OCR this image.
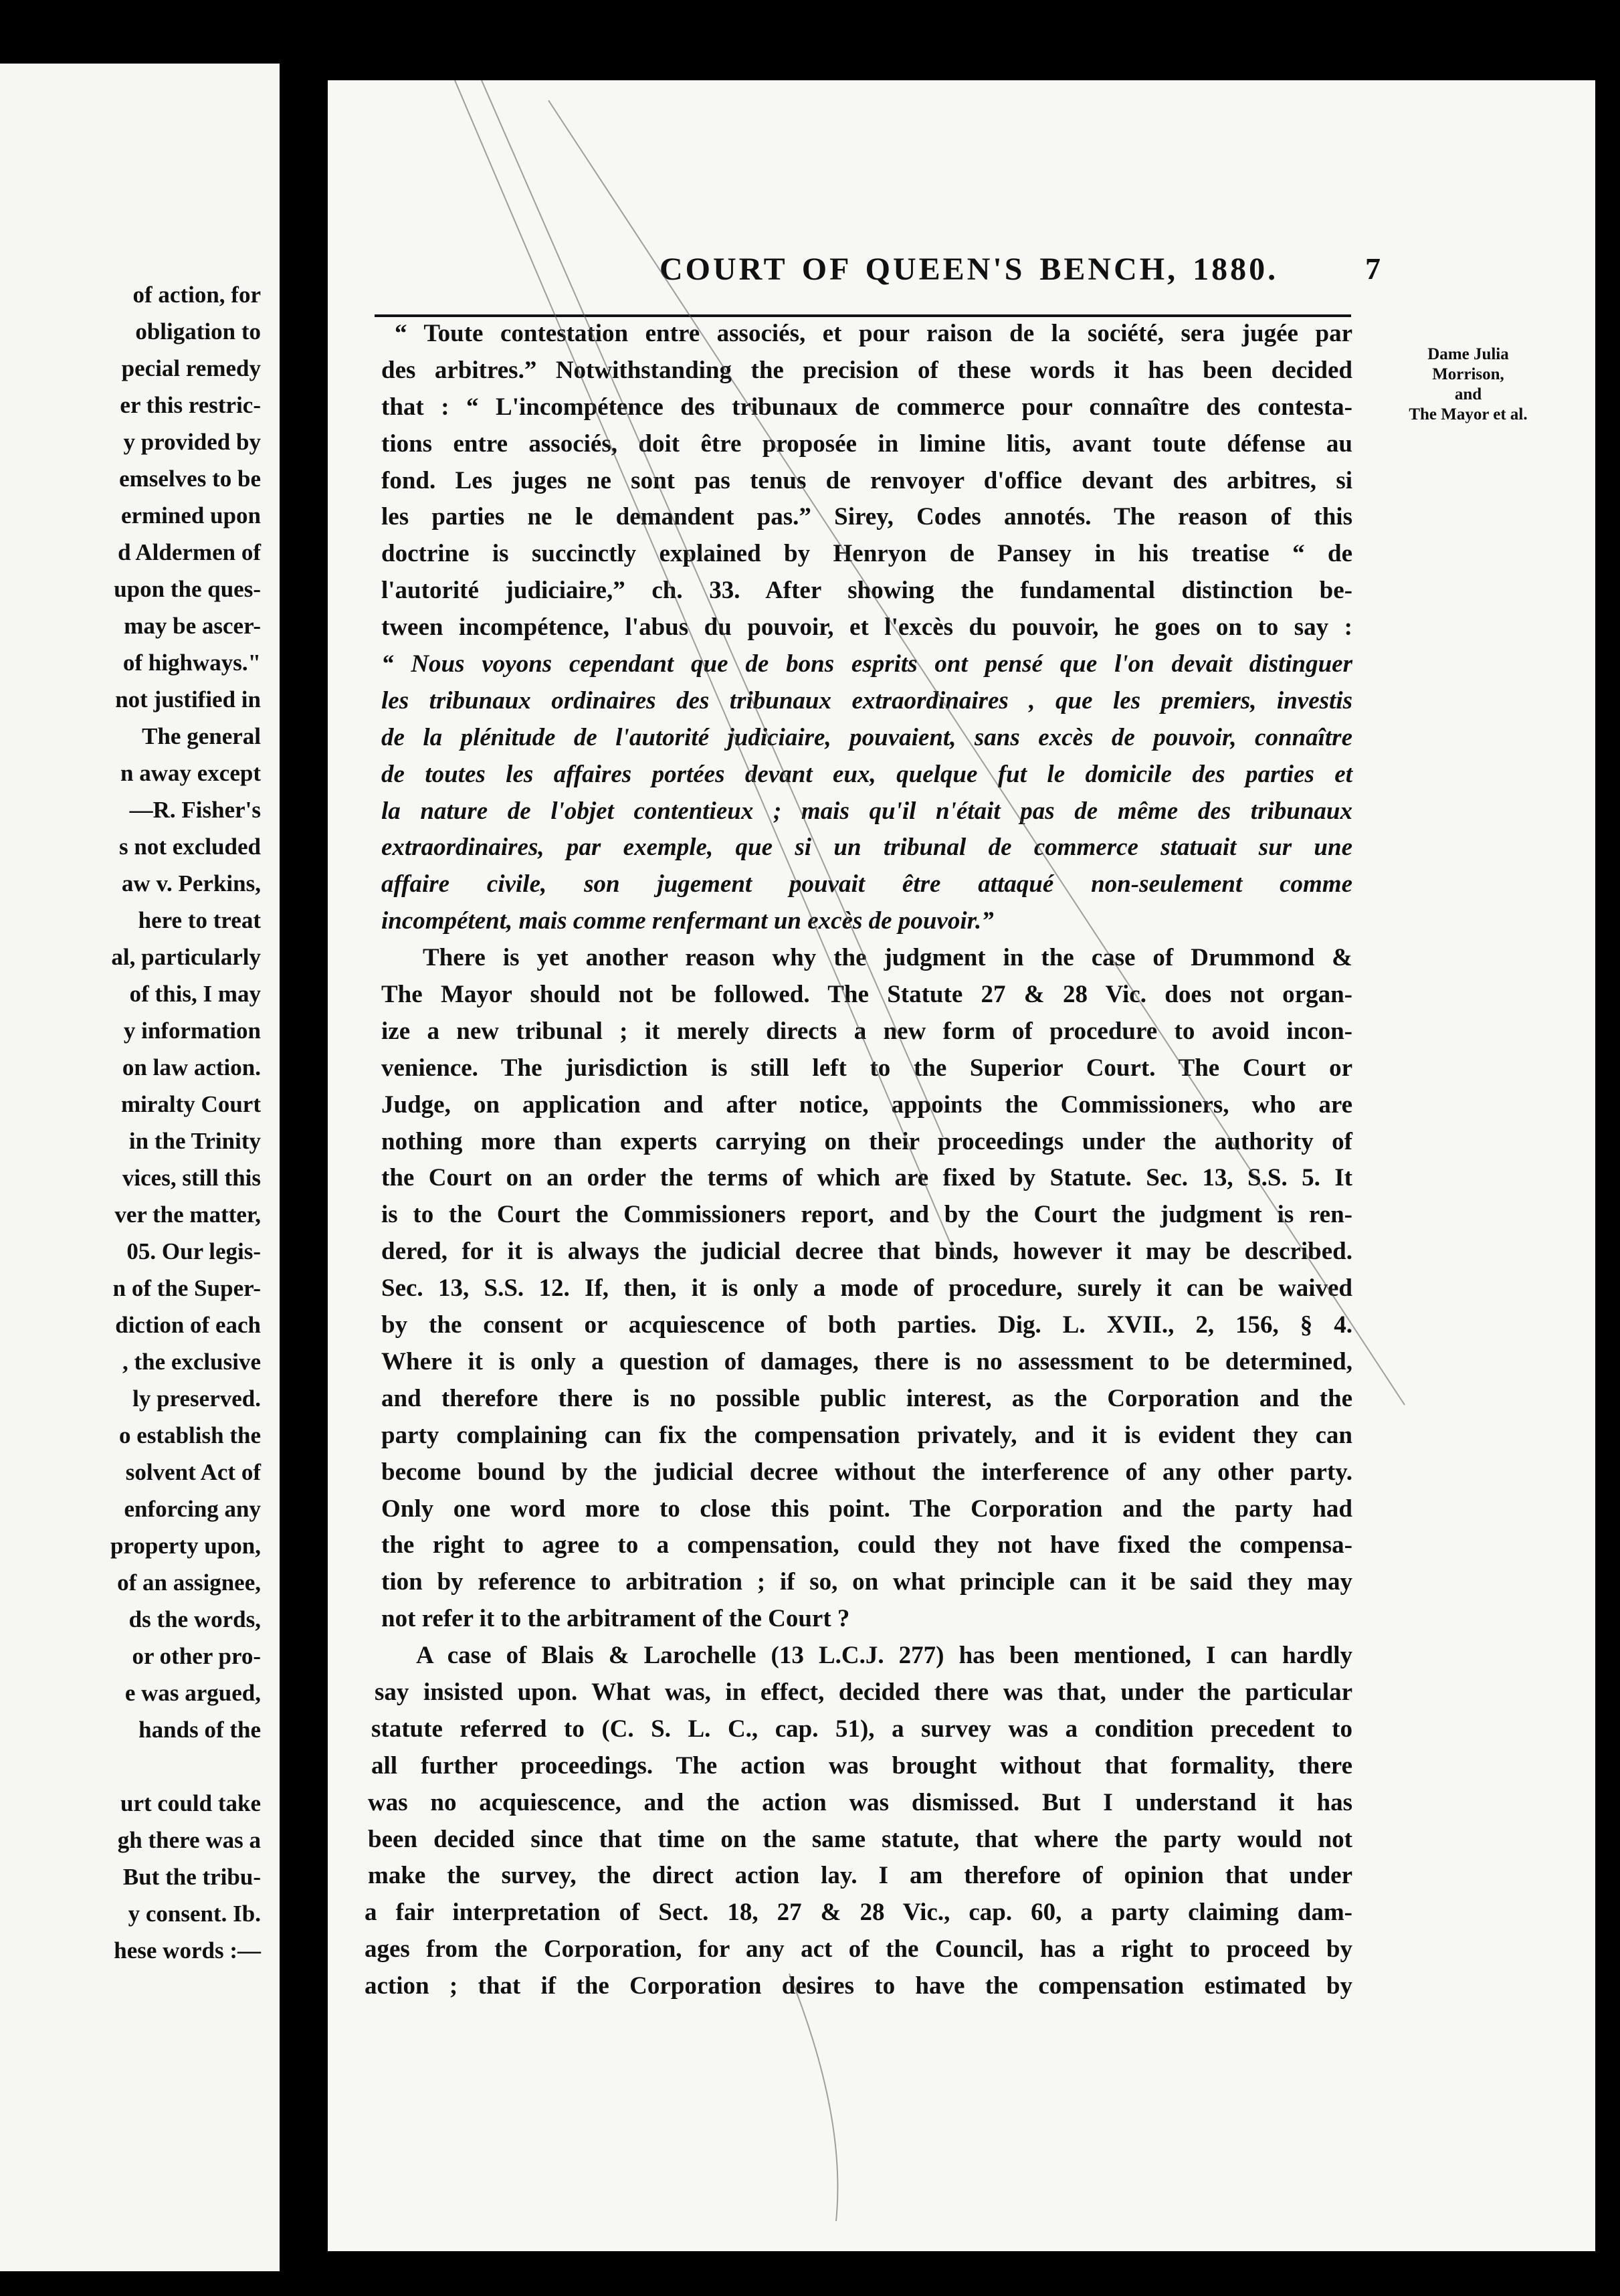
of action, for
obligation to
pecial remedy
er this restric-
y provided by
emselves to be
ermined upon
d Aldermen of
upon the ques-
may be ascer-
of highways."
not justified in
The general
n away except
—R. Fisher's
s not excluded
aw v. Perkins,
here to treat
al, particularly
of this, I may
y information
on law action.
miralty Court
in the Trinity
vices, still this
ver the matter,
05. Our legis-
n of the Super-
diction of each
, the exclusive
ly preserved.
o establish the
solvent Act of
enforcing any
property upon,
of an assignee,
ds the words,
or other pro-
e was argued,
hands of the
urt could take
gh there was a
But the tribu-
y consent. Ib.
hese words :—
COURT OF QUEEN'S BENCH, 1880.	7
Dame Julia
Morrison,
and
The Mayor et al.
“ Toute contestation entre associés, et pour raison de la société, sera jugée par
des arbitres.” Notwithstanding the precision of these words it has been decided
that : “ L'incompétence des tribunaux de commerce pour connaître des contesta-
tions entre associés, doit être proposée in limine litis, avant toute défense au
fond. Les juges ne sont pas tenus de renvoyer d'office devant des arbitres, si
les parties ne le demandent pas.” Sirey, Codes annotés. The reason of this
doctrine is succinctly explained by Henryon de Pansey in his treatise “ de
l'autorité judiciaire,” ch. 33. After showing the fundamental distinction be-
tween incompétence, l'abus du pouvoir, et l'excès du pouvoir, he goes on to say :
“ Nous voyons cependant que de bons esprits ont pensé que l'on devait distinguer
les tribunaux ordinaires des tribunaux extraordinaires , que les premiers, investis
de la plénitude de l'autorité judiciaire, pouvaient, sans excès de pouvoir, connaître
de toutes les affaires portées devant eux, quelque fut le domicile des parties et
la nature de l'objet contentieux ; mais qu'il n'était pas de même des tribunaux
extraordinaires, par exemple, que si un tribunal de commerce statuait sur une
affaire civile, son jugement pouvait être attaqué non-seulement comme
incompétent, mais comme renfermant un excès de pouvoir.”
There is yet another reason why the judgment in the case of Drummond &
The Mayor should not be followed. The Statute 27 & 28 Vic. does not organ-
ize a new tribunal ; it merely directs a new form of procedure to avoid incon-
venience. The jurisdiction is still left to the Superior Court. The Court or
Judge, on application and after notice, appoints the Commissioners, who are
nothing more than experts carrying on their proceedings under the authority of
the Court on an order the terms of which are fixed by Statute. Sec. 13, S.S. 5. It
is to the Court the Commissioners report, and by the Court the judgment is ren-
dered, for it is always the judicial decree that binds, however it may be described.
Sec. 13, S.S. 12. If, then, it is only a mode of procedure, surely it can be waived
by the consent or acquiescence of both parties. Dig. L. XVII., 2, 156, § 4.
Where it is only a question of damages, there is no assessment to be determined,
and therefore there is no possible public interest, as the Corporation and the
party complaining can fix the compensation privately, and it is evident they can
become bound by the judicial decree without the interference of any other party.
Only one word more to close this point. The Corporation and the party had
the right to agree to a compensation, could they not have fixed the compensa-
tion by reference to arbitration ; if so, on what principle can it be said they may
not refer it to the arbitrament of the Court ?
A case of Blais & Larochelle (13 L.C.J. 277) has been mentioned, I can hardly
say insisted upon. What was, in effect, decided there was that, under the particular
statute referred to (C. S. L. C., cap. 51), a survey was a condition precedent to
all further proceedings. The action was brought without that formality, there
was no acquiescence, and the action was dismissed. But I understand it has
been decided since that time on the same statute, that where the party would not
make the survey, the direct action lay. I am therefore of opinion that under
a fair interpretation of Sect. 18, 27 & 28 Vic., cap. 60, a party claiming dam-
ages from the Corporation, for any act of the Council, has a right to proceed by
action ; that if the Corporation desires to have the compensation estimated by
